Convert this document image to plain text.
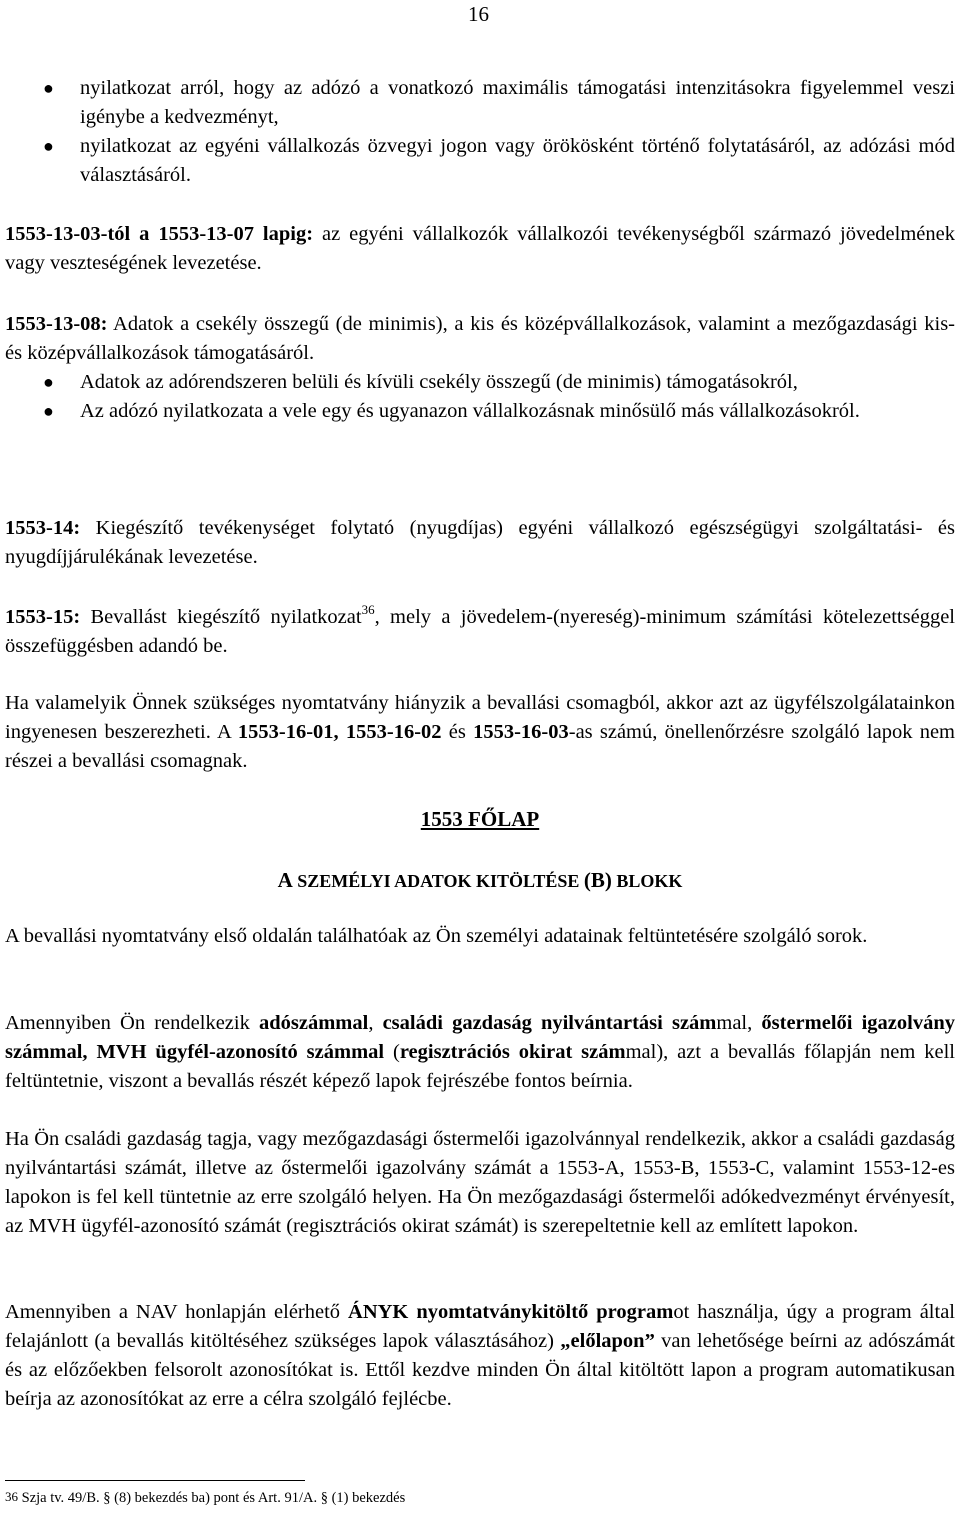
16
● nyilatkozat arról, hogy az adózó a vonatkozó maximális támogatási intenzitásokra figyelemmel veszi igénybe a kedvezményt,
● nyilatkozat az egyéni vállalkozás özvegyi jogon vagy örökösként történő folytatásáról, az adózási mód választásáról.

1553-13-03-tól a 1553-13-07 lapig: az egyéni vállalkozók vállalkozói tevékenységből származó jövedelmének vagy veszteségének levezetése.

1553-13-08: Adatok a csekély összegű (de minimis), a kis és középvállalkozások, valamint a mezőgazdasági kis- és középvállalkozások támogatásáról.

● Adatok az adórendszeren belüli és kívüli csekély összegű (de minimis) támogatásokról,
● Az adózó nyilatkozata a vele egy és ugyanazon vállalkozásnak minősülő más vállalkozásokról.

1553-14: Kiegészítő tevékenységet folytató (nyugdíjas) egyéni vállalkozó egészségügyi szolgáltatási- és nyugdíjjárulékának levezetése.

1553-15: Bevallást kiegészítő nyilatkozat$^{36}$, mely a jövedelem-(nyereség)-minimum számítási kötelezettséggel összefüggésben adandó be.

Ha valamelyik Önnek szükséges nyomtatvány hiányzik a bevallási csomagból, akkor azt az ügyfélszolgálatainkon ingyenesen beszerezheti. A 1553-16-01, 1553-16-02 és 1553-16-03-as számú, önellenőrzésre szolgáló lapok nem részei a bevallási csomagnak.

1553 FŐLAP
A SZEMÉLYI ADATOK KITÖLTÉSE (B) BLOKK

A bevallási nyomtatvány első oldalán találhatóak az Ön személyi adatainak feltüntetésére szolgáló sorok.

Amennyiben Ön rendelkezik adószámmal, családi gazdaság nyilvántartási számmal, őstermelői igazolvány számmal, MVH ügyfél-azonosító számmal (regisztrációs okirat számmal), azt a bevallás főlapján nem kell feltüntetnie, viszont a bevallás részét képező lapok fejrészébe fontos beírnia.

Ha Ön családi gazdaság tagja, vagy mezőgazdasági őstermelői igazolvánnyal rendelkezik, akkor a családi gazdaság nyilvántartási számát, illetve az őstermelői igazolvány számát a 1553-A, 1553-B, 1553-C, valamint 1553-12-es lapokon is fel kell tüntetnie az erre szolgáló helyen. Ha Ön mezőgazdasági őstermelői adókedvezményt érvényesít, az MVH ügyfél-azonosító számát (regisztrációs okirat számát) is szerepeltetnie kell az említett lapokon.

Amennyiben a NAV honlapján elérhető ÁNYK nyomtatványkitöltő programot használja, úgy a program által felajánlott (a bevallás kitöltéséhez szükséges lapok választásához) „előlapon” van lehetősége beírni az adószámát és az előzőekben felsorolt azonosítókat is. Ettől kezdve minden Ön által kitöltött lapon a program automatikusan beírja az azonosítókat az erre a célra szolgáló fejlécbe.

$^{36}$ Szja tv. 49/B. § (8) bekezdés ba) pont és Art. 91/A. § (1) bekezdés
